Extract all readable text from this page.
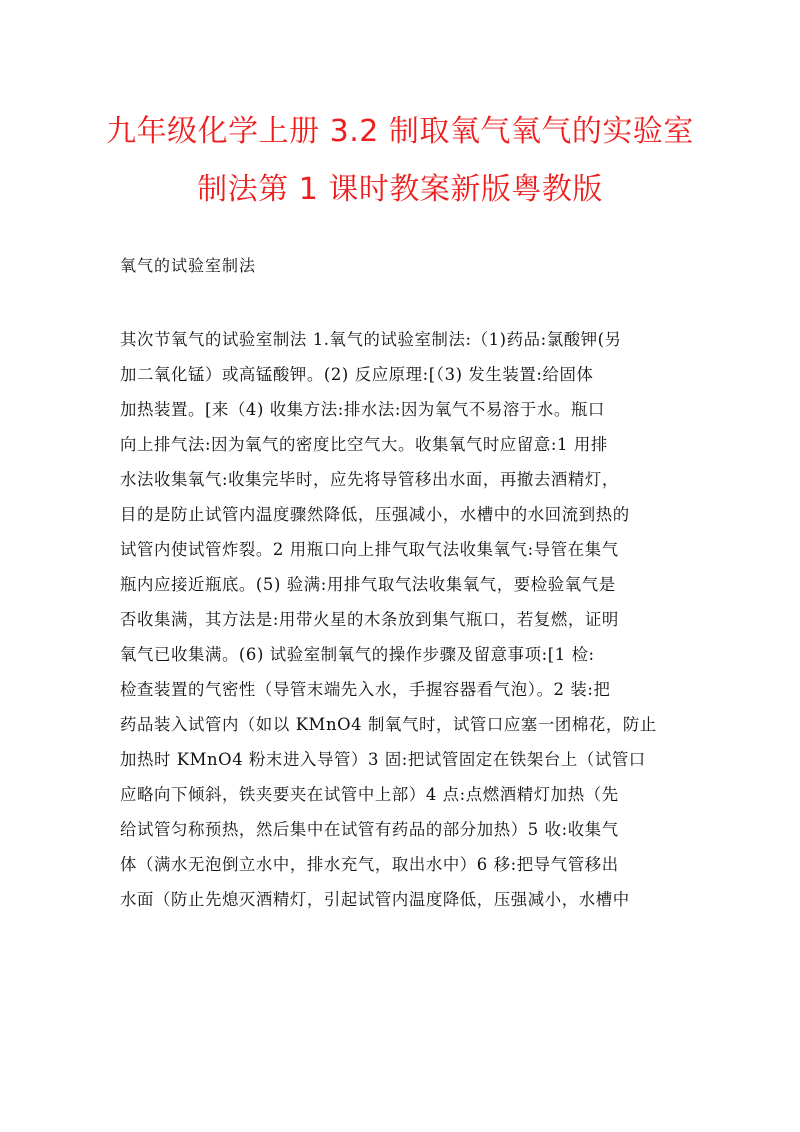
九年级化学上册 3.2 制取氧气氧气的实验室
制法第 1 课时教案新版粤教版
氧气的试验室制法
其次节氧气的试验室制法 1.氧气的试验室制法:（1)药品:氯酸钾(另
加二氧化锰）或高锰酸钾。(2) 反应原理:[（3) 发生装置:给固体
加热装置。[来（4) 收集方法:排水法:因为氧气不易溶于水。瓶口
向上排气法:因为氧气的密度比空气大。收集氧气时应留意:1 用排
水法收集氧气:收集完毕时，应先将导管移出水面，再撤去酒精灯，
目的是防止试管内温度骤然降低，压强减小，水槽中的水回流到热的
试管内使试管炸裂。2 用瓶口向上排气取气法收集氧气:导管在集气
瓶内应接近瓶底。(5) 验满:用排气取气法收集氧气，要检验氧气是
否收集满，其方法是:用带火星的木条放到集气瓶口，若复燃，证明
氧气已收集满。(6) 试验室制氧气的操作步骤及留意事项:[1 检:
检查装置的气密性（导管末端先入水，手握容器看气泡）。2 装:把
药品装入试管内（如以 KMnO4 制氧气时，试管口应塞一团棉花，防止
加热时 KMnO4 粉末进入导管）3 固:把试管固定在铁架台上（试管口
应略向下倾斜，铁夹要夹在试管中上部）4 点:点燃酒精灯加热（先
给试管匀称预热，然后集中在试管有药品的部分加热）5 收:收集气
体（满水无泡倒立水中，排水充气，取出水中）6 移:把导气管移出
水面（防止先熄灭酒精灯，引起试管内温度降低，压强减小，水槽中
